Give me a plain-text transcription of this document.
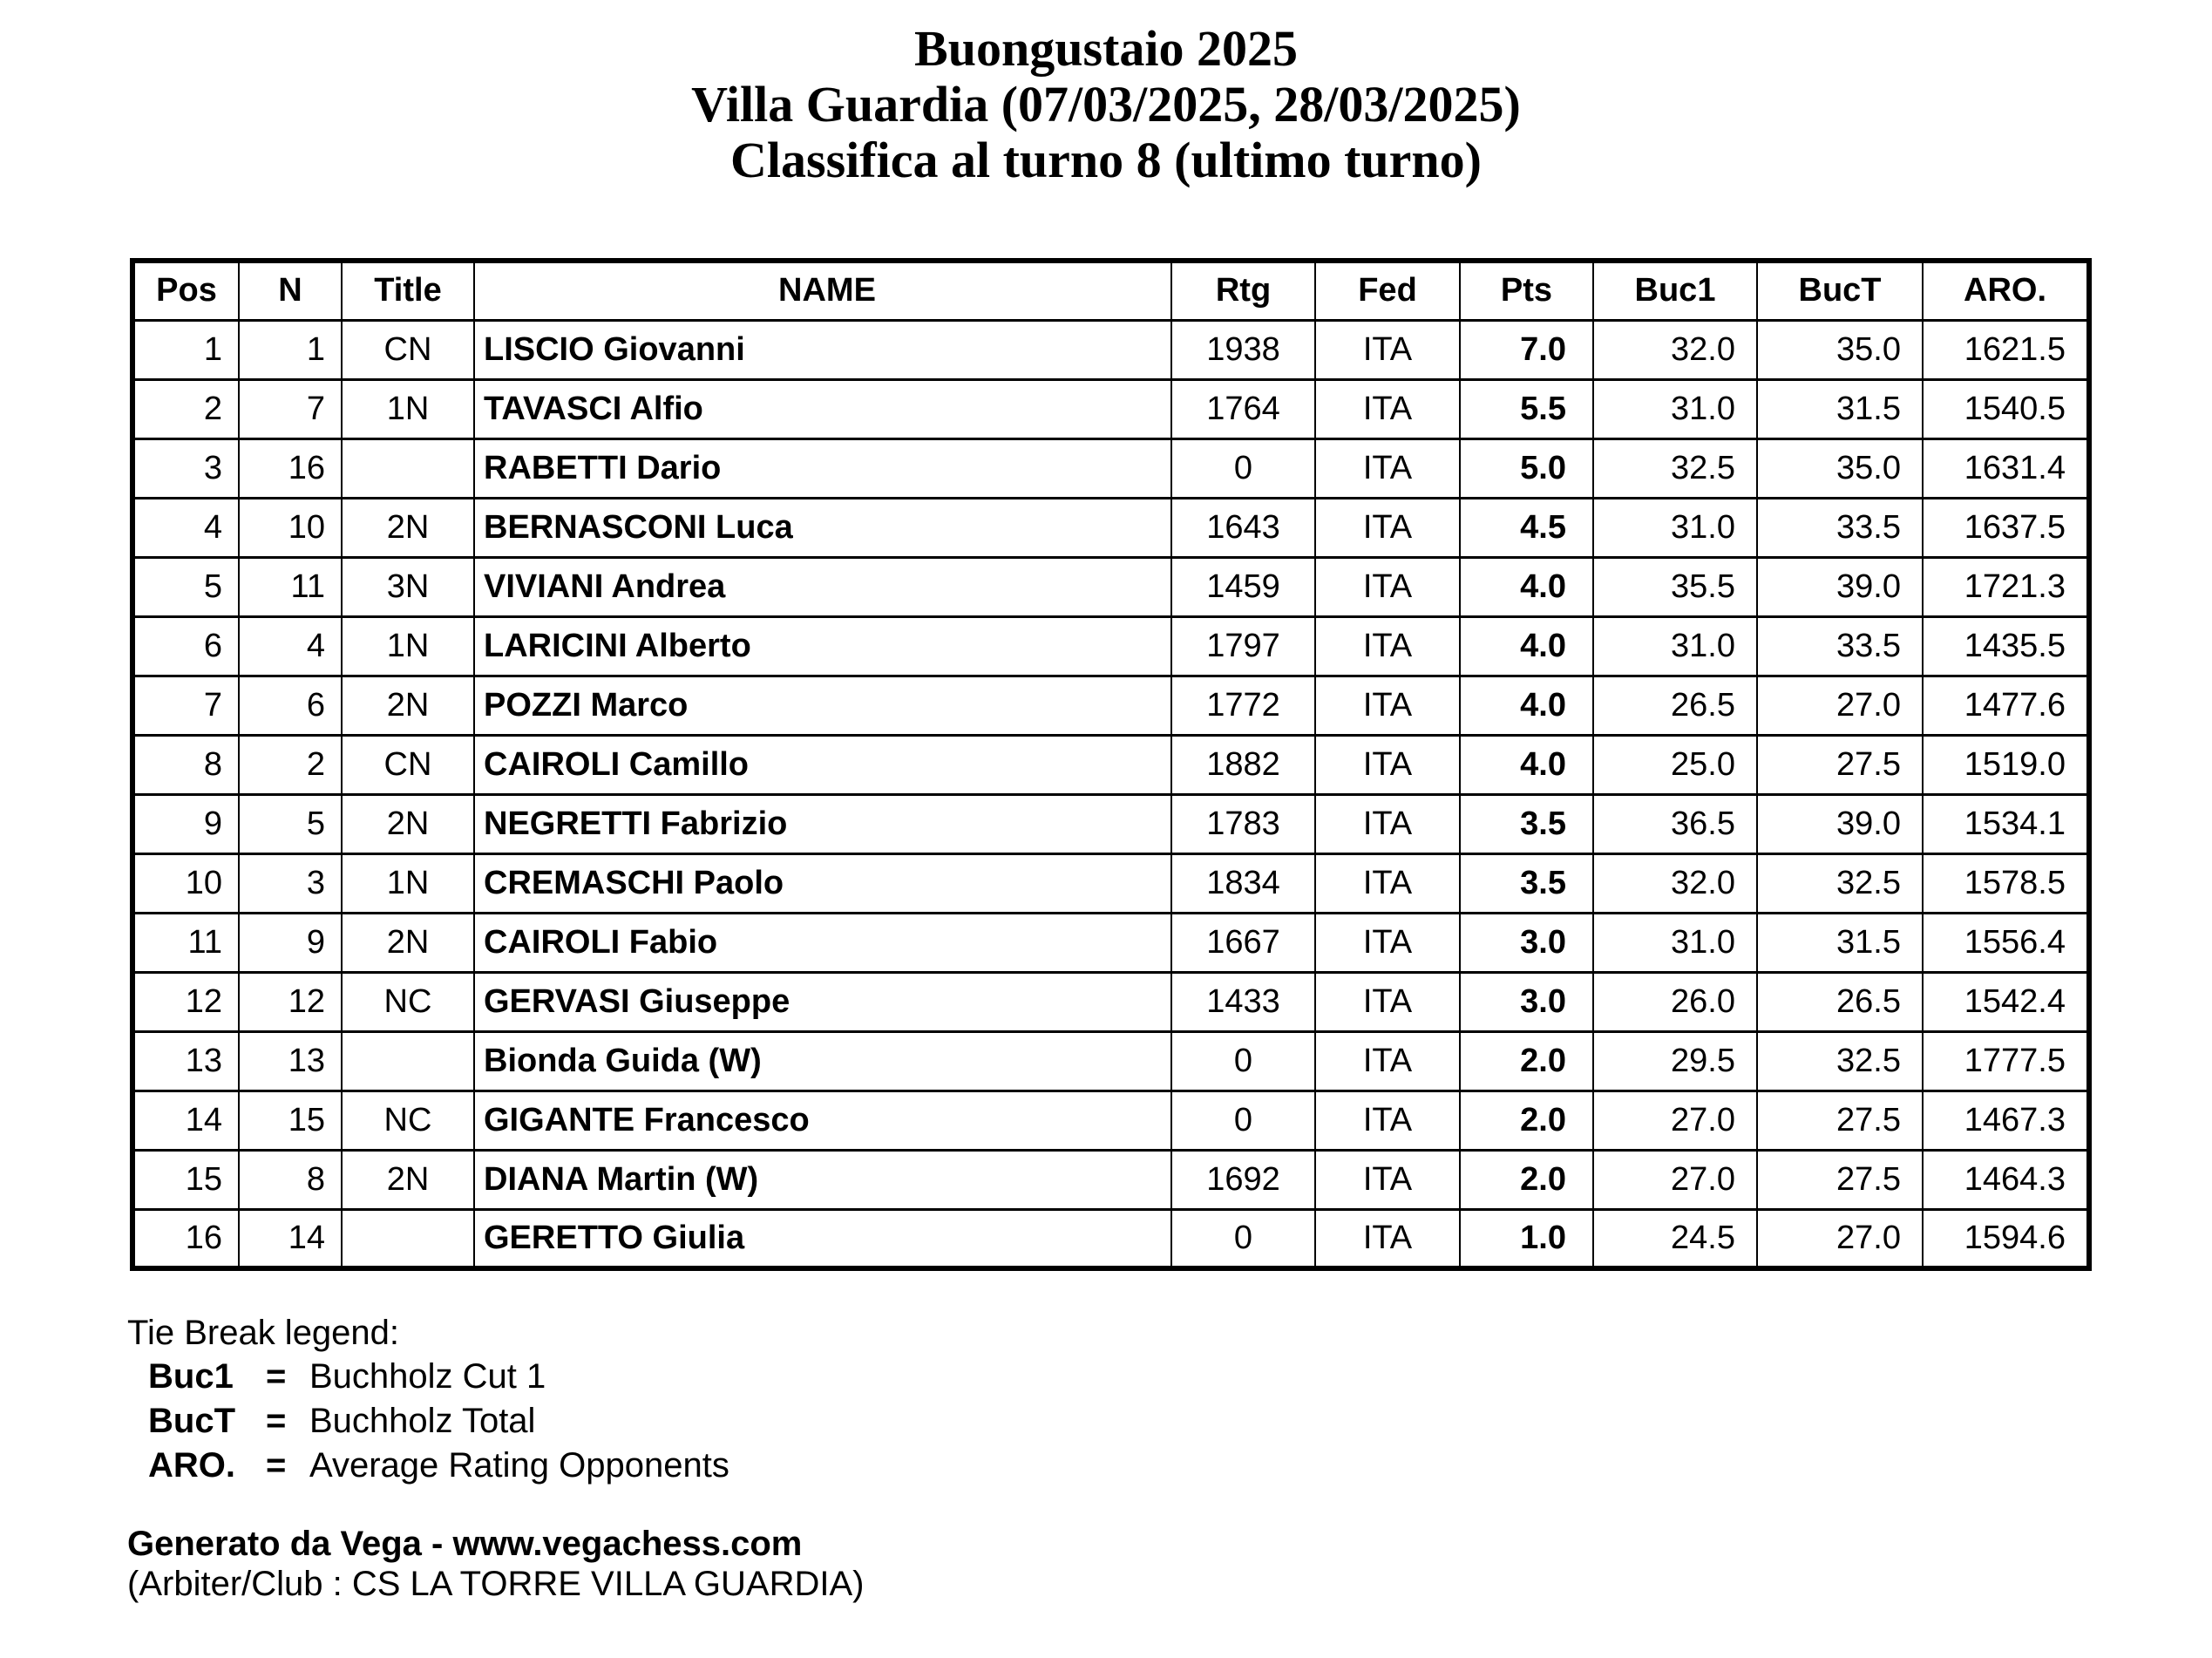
Buongustaio 2025
Villa Guardia (07/03/2025, 28/03/2025)
Classifica al turno 8 (ultimo turno)
Pos	N	Title	NAME	Rtg	Fed	Pts	Buc1	BucT	ARO.
1	1	CN	LISCIO Giovanni	1938	ITA	7.0	32.0	35.0	1621.5
2	7	1N	TAVASCI Alfio	1764	ITA	5.5	31.0	31.5	1540.5
3	16		RABETTI Dario	0	ITA	5.0	32.5	35.0	1631.4
4	10	2N	BERNASCONI Luca	1643	ITA	4.5	31.0	33.5	1637.5
5	11	3N	VIVIANI Andrea	1459	ITA	4.0	35.5	39.0	1721.3
6	4	1N	LARICINI Alberto	1797	ITA	4.0	31.0	33.5	1435.5
7	6	2N	POZZI Marco	1772	ITA	4.0	26.5	27.0	1477.6
8	2	CN	CAIROLI Camillo	1882	ITA	4.0	25.0	27.5	1519.0
9	5	2N	NEGRETTI Fabrizio	1783	ITA	3.5	36.5	39.0	1534.1
10	3	1N	CREMASCHI Paolo	1834	ITA	3.5	32.0	32.5	1578.5
11	9	2N	CAIROLI Fabio	1667	ITA	3.0	31.0	31.5	1556.4
12	12	NC	GERVASI Giuseppe	1433	ITA	3.0	26.0	26.5	1542.4
13	13		Bionda Guida (W)	0	ITA	2.0	29.5	32.5	1777.5
14	15	NC	GIGANTE Francesco	0	ITA	2.0	27.0	27.5	1467.3
15	8	2N	DIANA Martin (W)	1692	ITA	2.0	27.0	27.5	1464.3
16	14		GERETTO Giulia	0	ITA	1.0	24.5	27.0	1594.6
Tie Break legend:
Buc1 = Buchholz Cut 1
BucT = Buchholz Total
ARO. = Average Rating Opponents
Generato da Vega - www.vegachess.com
(Arbiter/Club : CS LA TORRE VILLA GUARDIA)
